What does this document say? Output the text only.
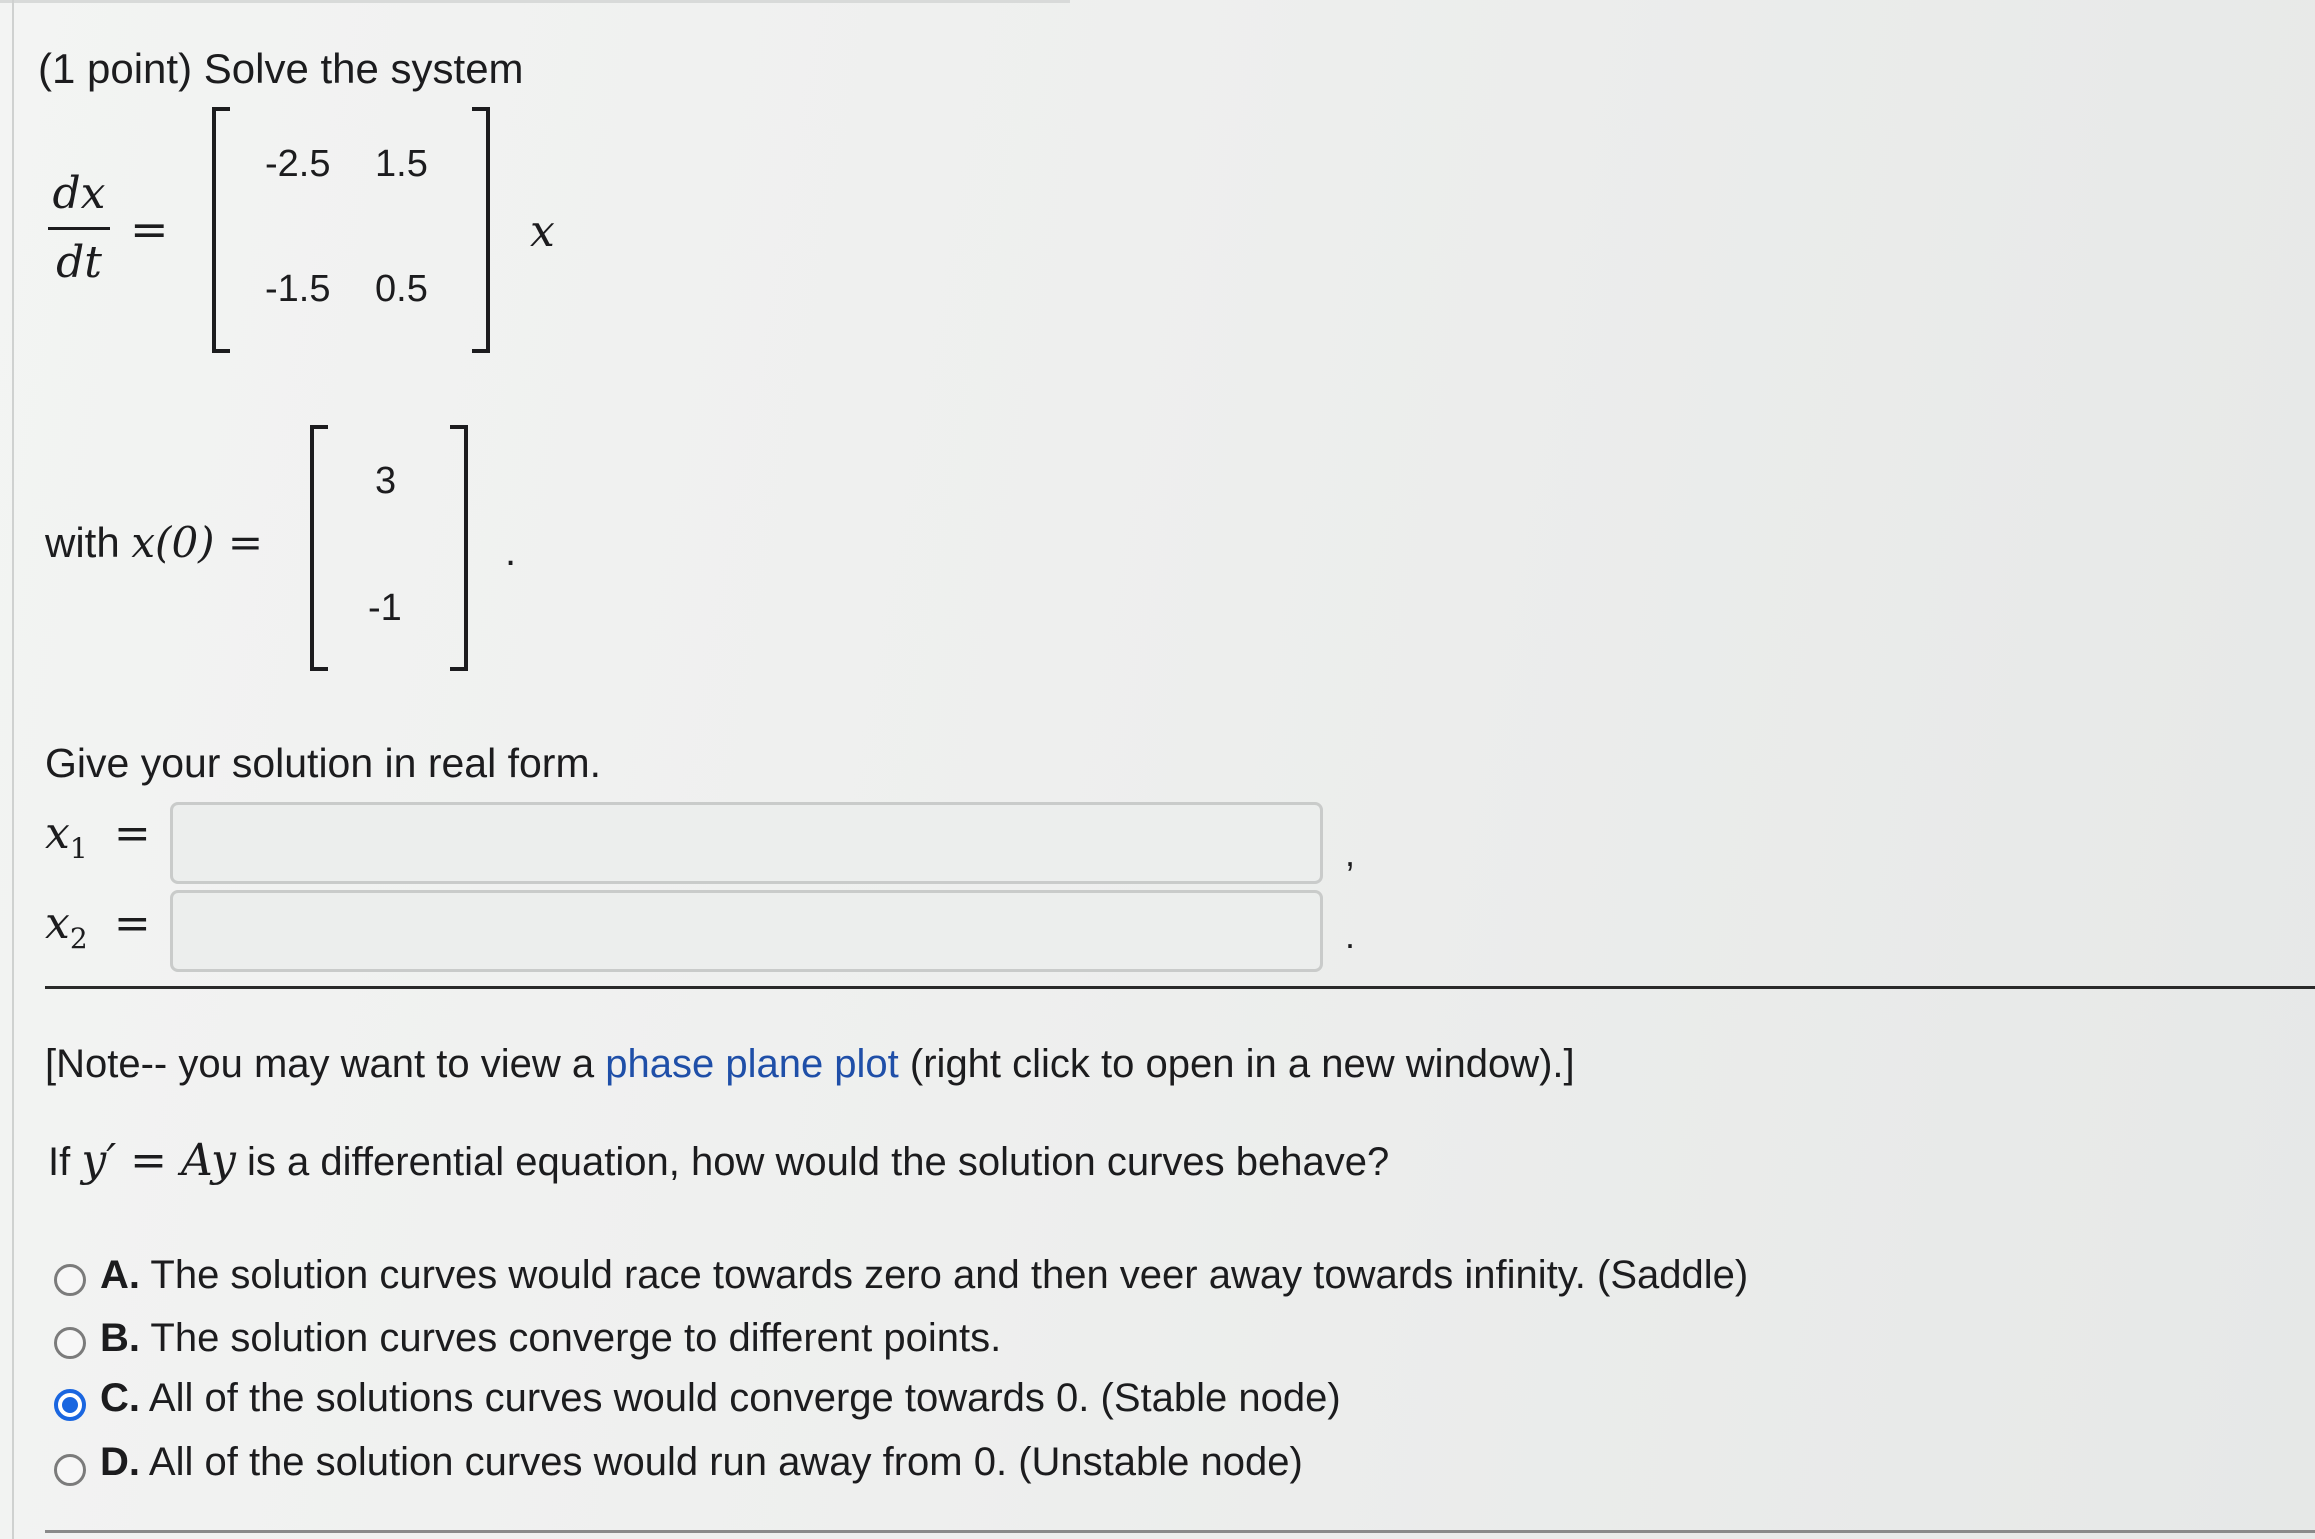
(1 point) Solve the system
dx
dt
=
-2.5 1.5
-1.5 0.5
x
with x(0) =
3
-1
.
Give your solution in real form.
$x_1$ =	,
$x_2$ =	.
[Note-- you may want to view a phase plane plot (right click to open in a new window).]
If y′ = Ay is a differential equation, how would the solution curves behave?
A. The solution curves would race towards zero and then veer away towards infinity. (Saddle)
B. The solution curves converge to different points.
C. All of the solutions curves would converge towards 0. (Stable node)
D. All of the solution curves would run away from 0. (Unstable node)
